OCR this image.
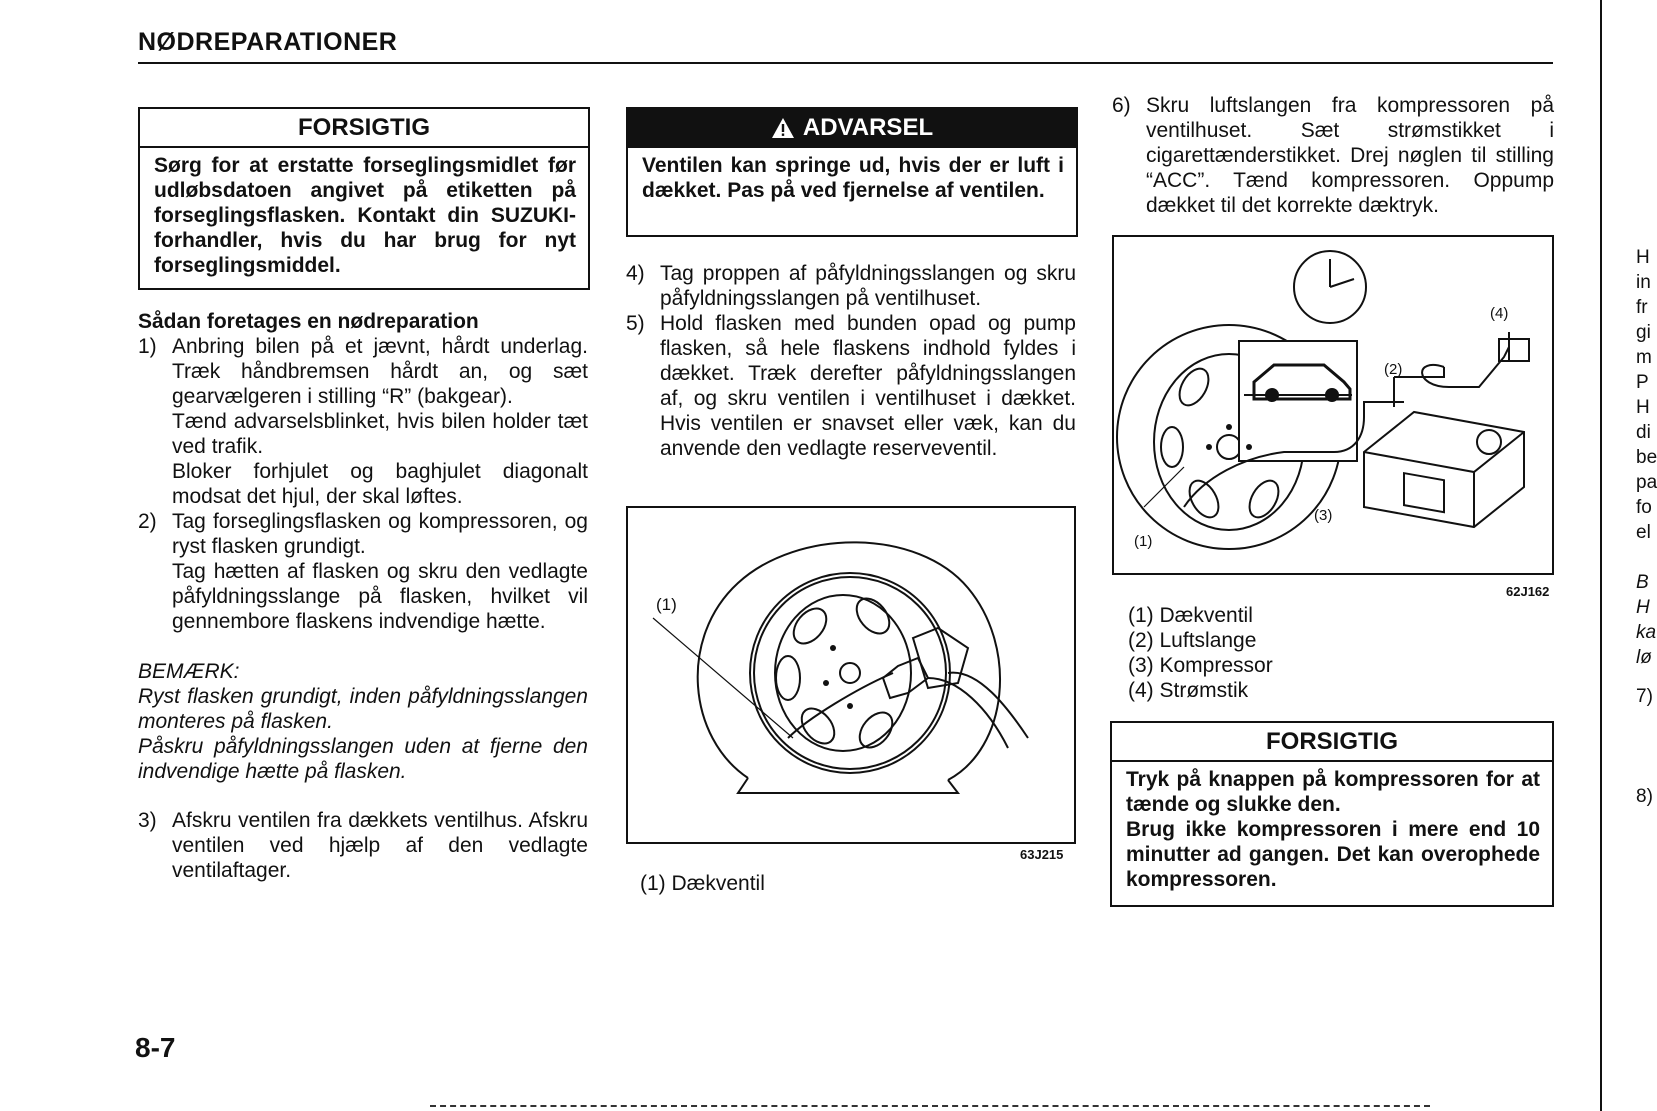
NØDREPARATIONER
FORSIGTIG
Sørg for at erstatte forseglingsmidlet før udløbsdatoen angivet på etiketten på forseglingsflasken. Kontakt din SUZUKI-forhandler, hvis du har brug for nyt forseglingsmiddel.
Sådan foretages en nødreparation
1) Anbring bilen på et jævnt, hårdt underlag. Træk håndbremsen hårdt an, og sæt gearvælgeren i stilling “R” (bakgear).
Tænd advarselsblinket, hvis bilen holder tæt ved trafik.
Bloker forhjulet og baghjulet diagonalt modsat det hjul, der skal løftes.
2) Tag forseglingsflasken og kompressoren, og ryst flasken grundigt.
Tag hætten af flasken og skru den vedlagte påfyldningsslange på flasken, hvilket vil gennembore flaskens indvendige hætte.
BEMÆRK:
Ryst flasken grundigt, inden påfyldningsslangen monteres på flasken.
Påskru påfyldningsslangen uden at fjerne den indvendige hætte på flasken.
3) Afskru ventilen fra dækkets ventilhus. Afskru ventilen ved hjælp af den vedlagte ventilaftager.
ADVARSEL
Ventilen kan springe ud, hvis der er luft i dækket. Pas på ved fjernelse af ventilen.
4) Tag proppen af påfyldningsslangen og skru påfyldningsslangen på ventilhuset.
5) Hold flasken med bunden opad og pump flasken, så hele flaskens indhold fyldes i dækket. Træk derefter påfyldningsslangen af, og skru ventilen i ventilhuset i dækket. Hvis ventilen er snavset eller væk, kan du anvende den vedlagte reserveventil.
(1)
63J215
(1) Dækventil
6) Skru luftslangen fra kompressoren på ventilhuset. Sæt strømstikket i cigarettænderstikket. Drej nøglen til stilling “ACC”. Tænd kompressoren. Oppump dækket til det korrekte dæktryk.
(1)
(2)
(3)
(4)
62J162
(1) Dækventil
(2) Luftslange
(3) Kompressor
(4) Strømstik
FORSIGTIG
Tryk på knappen på kompressoren for at tænde og slukke den.
Brug ikke kompressoren i mere end 10 minutter ad gangen. Det kan overophede kompressoren.
8-7
H
in
fr
gi
m
P
H
di
be
pa
fo
el
B
H
ka
lø
7)
8)
